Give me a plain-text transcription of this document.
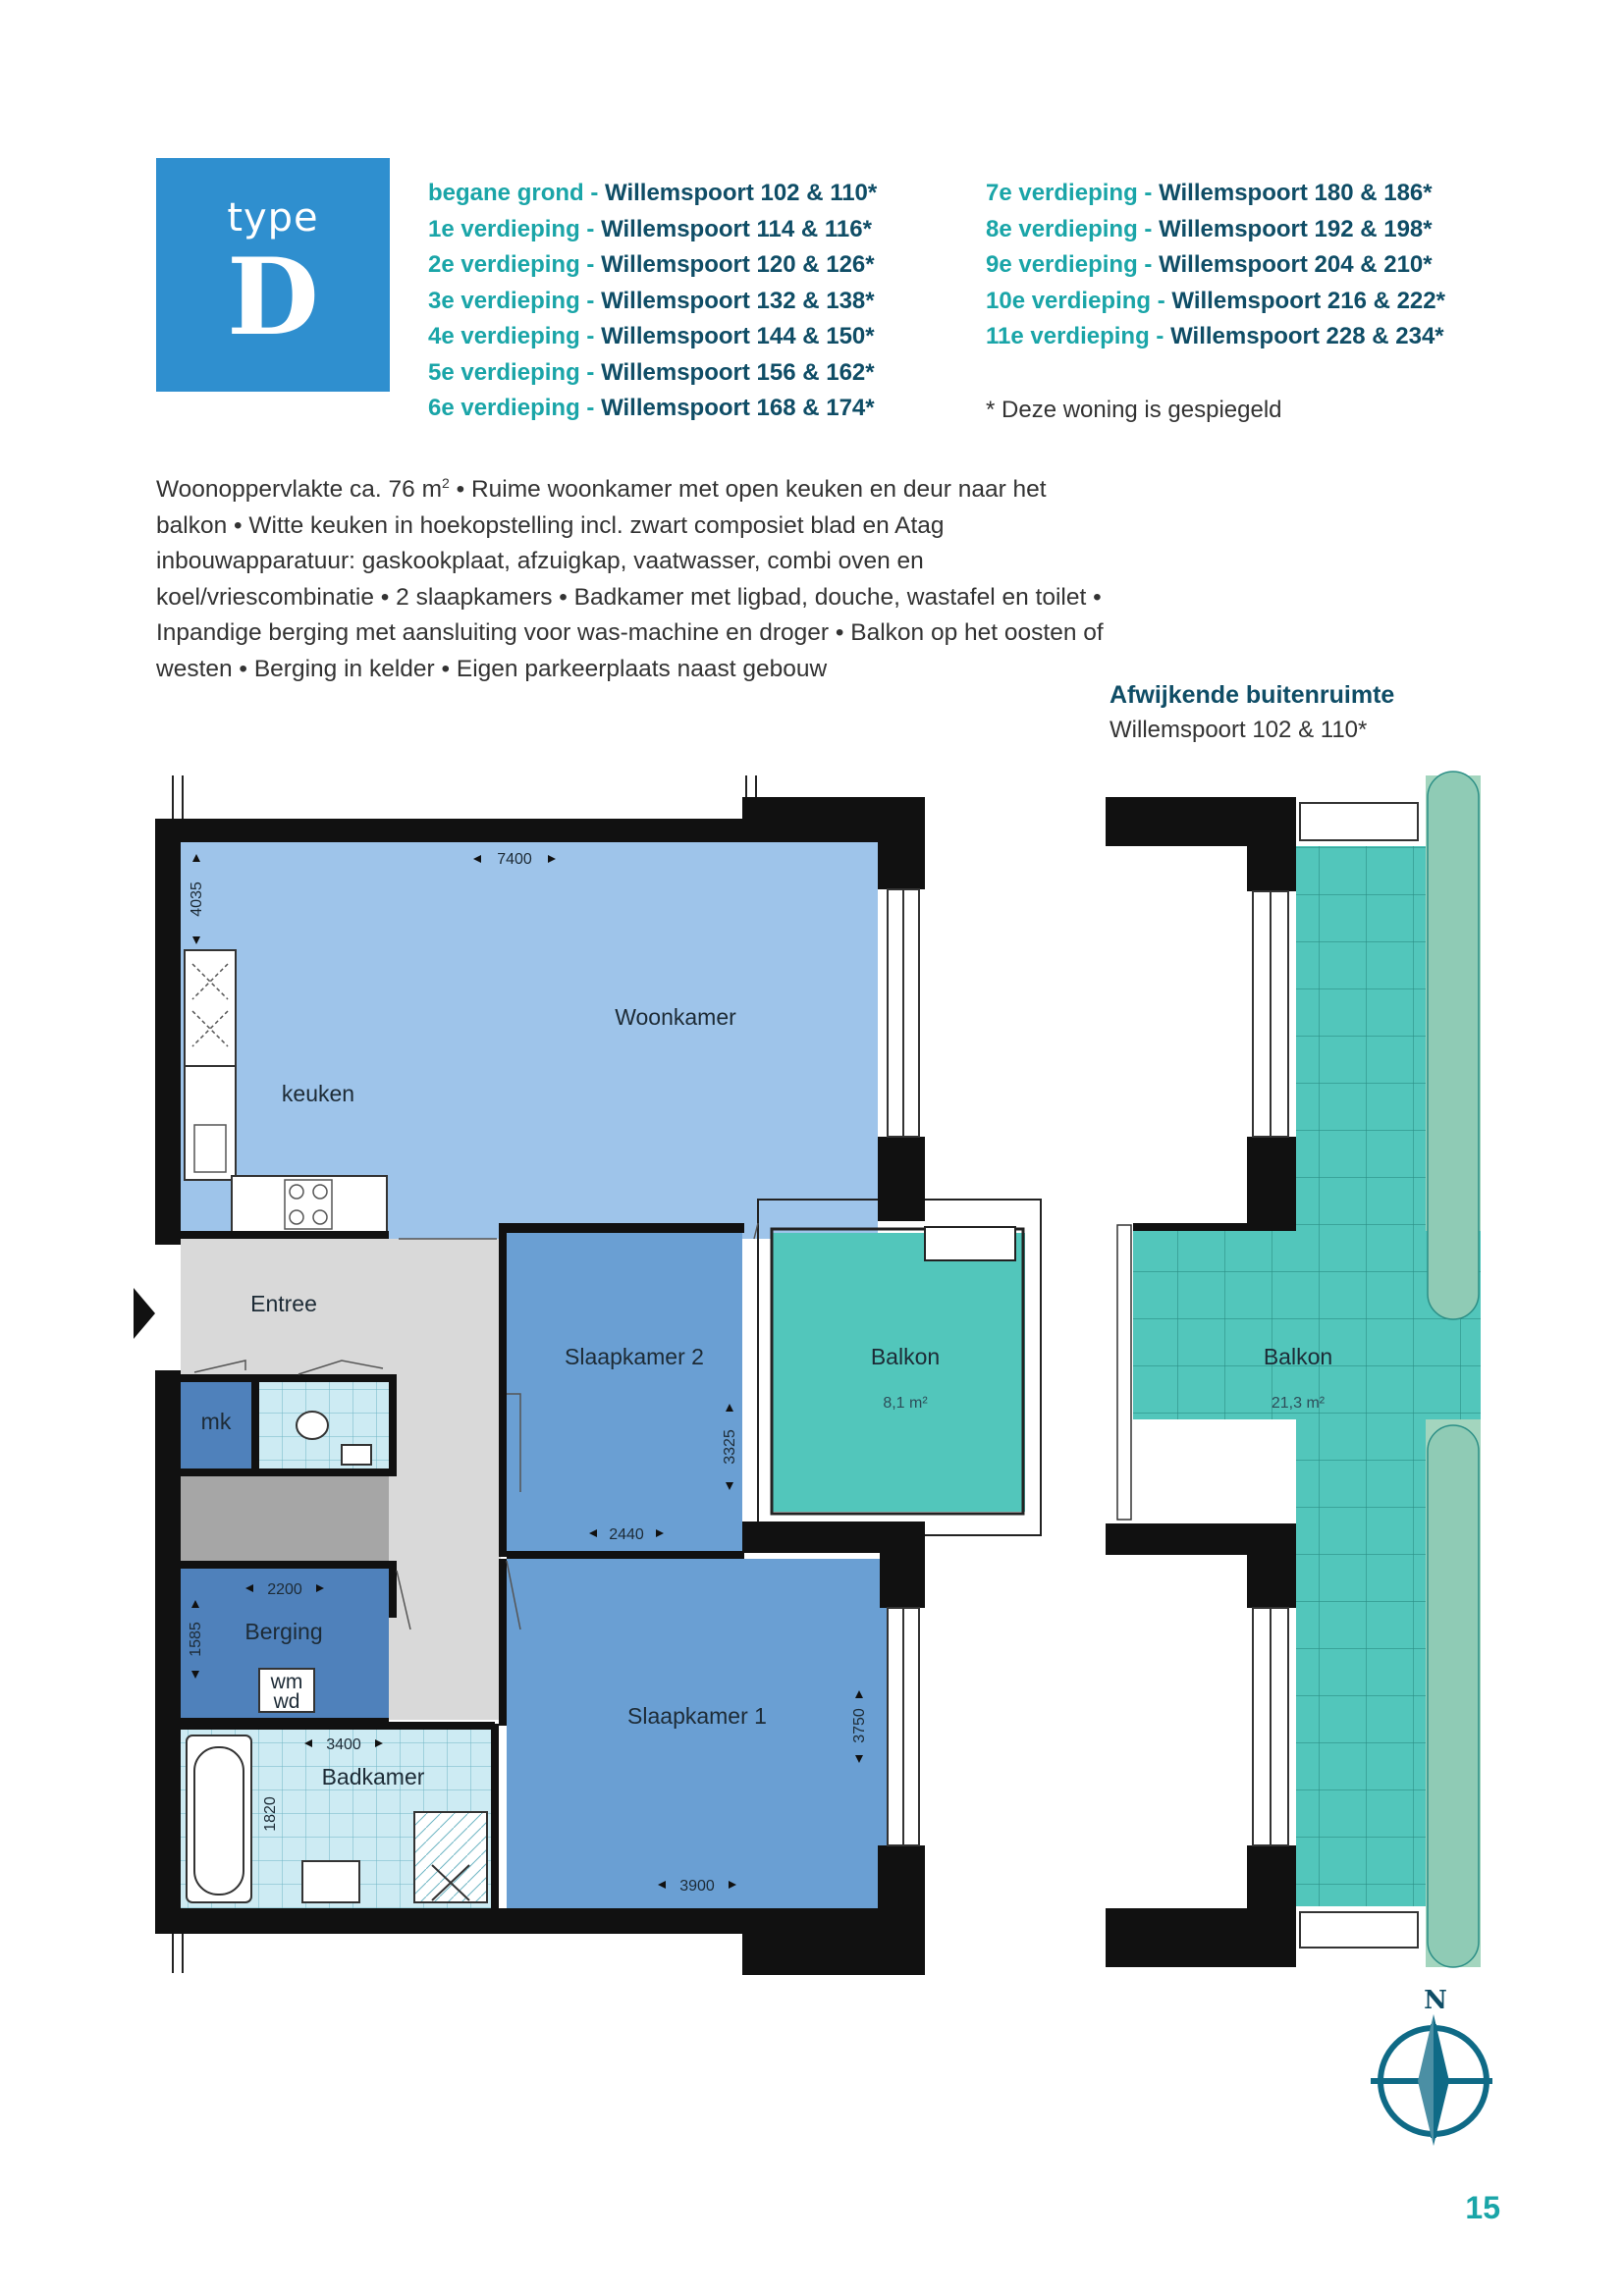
type
D
begane grond - Willemspoort 102 & 110*
1e verdieping - Willemspoort 114 & 116*
2e verdieping - Willemspoort 120 & 126*
3e verdieping - Willemspoort 132 & 138*
4e verdieping - Willemspoort 144 & 150*
5e verdieping - Willemspoort 156 & 162*
6e verdieping - Willemspoort 168 & 174*
7e verdieping - Willemspoort 180 & 186*
8e verdieping - Willemspoort 192 & 198*
9e verdieping - Willemspoort 204 & 210*
10e verdieping - Willemspoort 216 & 222*
11e verdieping - Willemspoort 228 & 234*
* Deze woning is gespiegeld
Woonoppervlakte ca. 76 $m^2$ • Ruime woonkamer met open keuken en deur naar het balkon • Witte keuken in hoekopstelling incl. zwart composiet blad en Atag inbouwapparatuur: gaskookplaat, afzuigkap, vaatwasser, combi oven en koel/vriescombinatie • 2 slaapkamers • Badkamer met ligbad, douche, wastafel en toilet • Inpandige berging met aansluiting voor was-machine en droger • Balkon op het oosten of westen • Berging in kelder • Eigen parkeerplaats naast gebouw
Afwijkende buitenruimte
Willemspoort 102 & 110*
Woonkamer
keuken
Entree
Slaapkamer 2	Balkon
8,1 m²
mk
Berging
wm
wd
Badkamer
Slaapkamer 1
7400
4035
2440
3325
2200
1585
3400
1820
3900
3750
Balkon
21,3 m²
N
15
